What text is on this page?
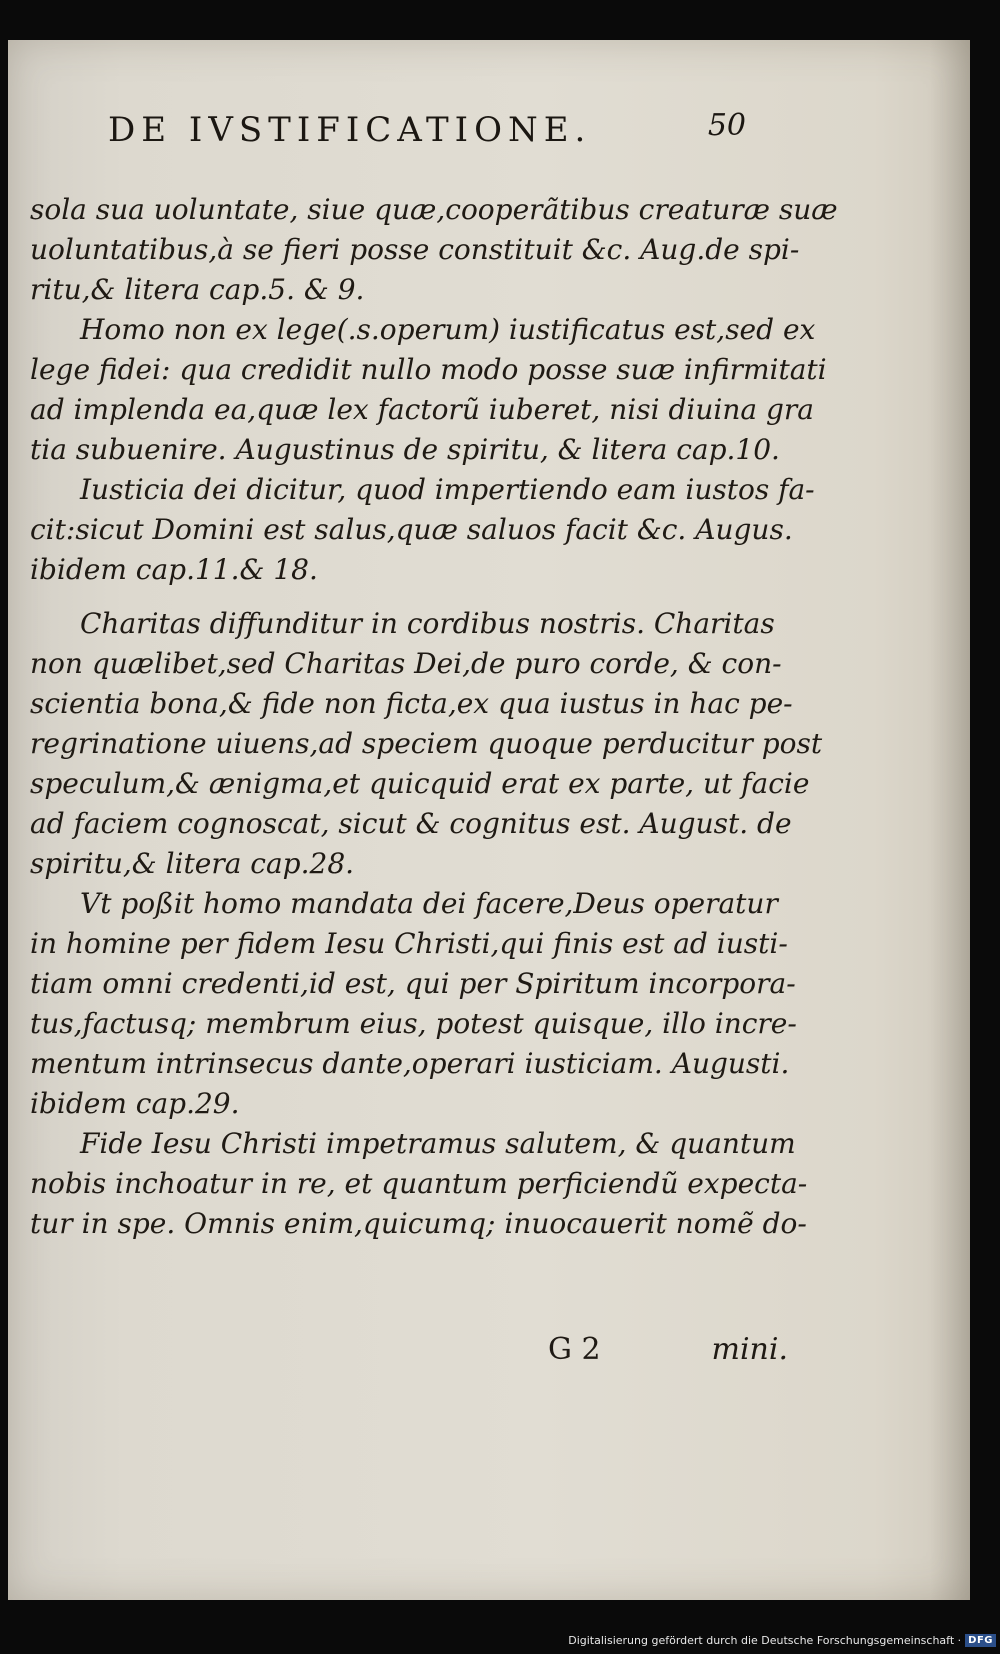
DE IVSTIFICATIONE.	50
sola sua uoluntate, siue quæ,cooperãtibus creaturæ suæ
uoluntatibus,à se fieri posse constituit &c. Aug.de spi-
ritu,& litera cap.5. & 9.
Homo non ex lege(.s.operum) iustificatus est,sed ex
lege fidei: qua credidit nullo modo posse suæ infirmitati
ad implenda ea,quæ lex factorũ iuberet, nisi diuina gra
tia subuenire. Augustinus de spiritu, & litera cap.10.
Iusticia dei dicitur, quod impertiendo eam iustos fa-
cit:sicut Domini est salus,quæ saluos facit &c. Augus.
ibidem cap.11.& 18.
Charitas diffunditur in cordibus nostris. Charitas
non quælibet,sed Charitas Dei,de puro corde, & con-
scientia bona,& fide non ficta,ex qua iustus in hac pe-
regrinatione uiuens,ad speciem quoque perducitur post
speculum,& ænigma,et quicquid erat ex parte, ut facie
ad faciem cognoscat, sicut & cognitus est. August. de
spiritu,& litera cap.28.
Vt poßit homo mandata dei facere,Deus operatur
in homine per fidem Iesu Christi,qui finis est ad iusti-
tiam omni credenti,id est, qui per Spiritum incorpora-
tus,factusq; membrum eius, potest quisque, illo incre-
mentum intrinsecus dante,operari iusticiam. Augusti.
ibidem cap.29.
Fide Iesu Christi impetramus salutem, & quantum
nobis inchoatur in re, et quantum perficiendũ expecta-
tur in spe. Omnis enim,quicumq; inuocauerit nomẽ do-
G 2	mini.
Digitalisierung gefördert durch die Deutsche Forschungsgemeinschaft · DFG
